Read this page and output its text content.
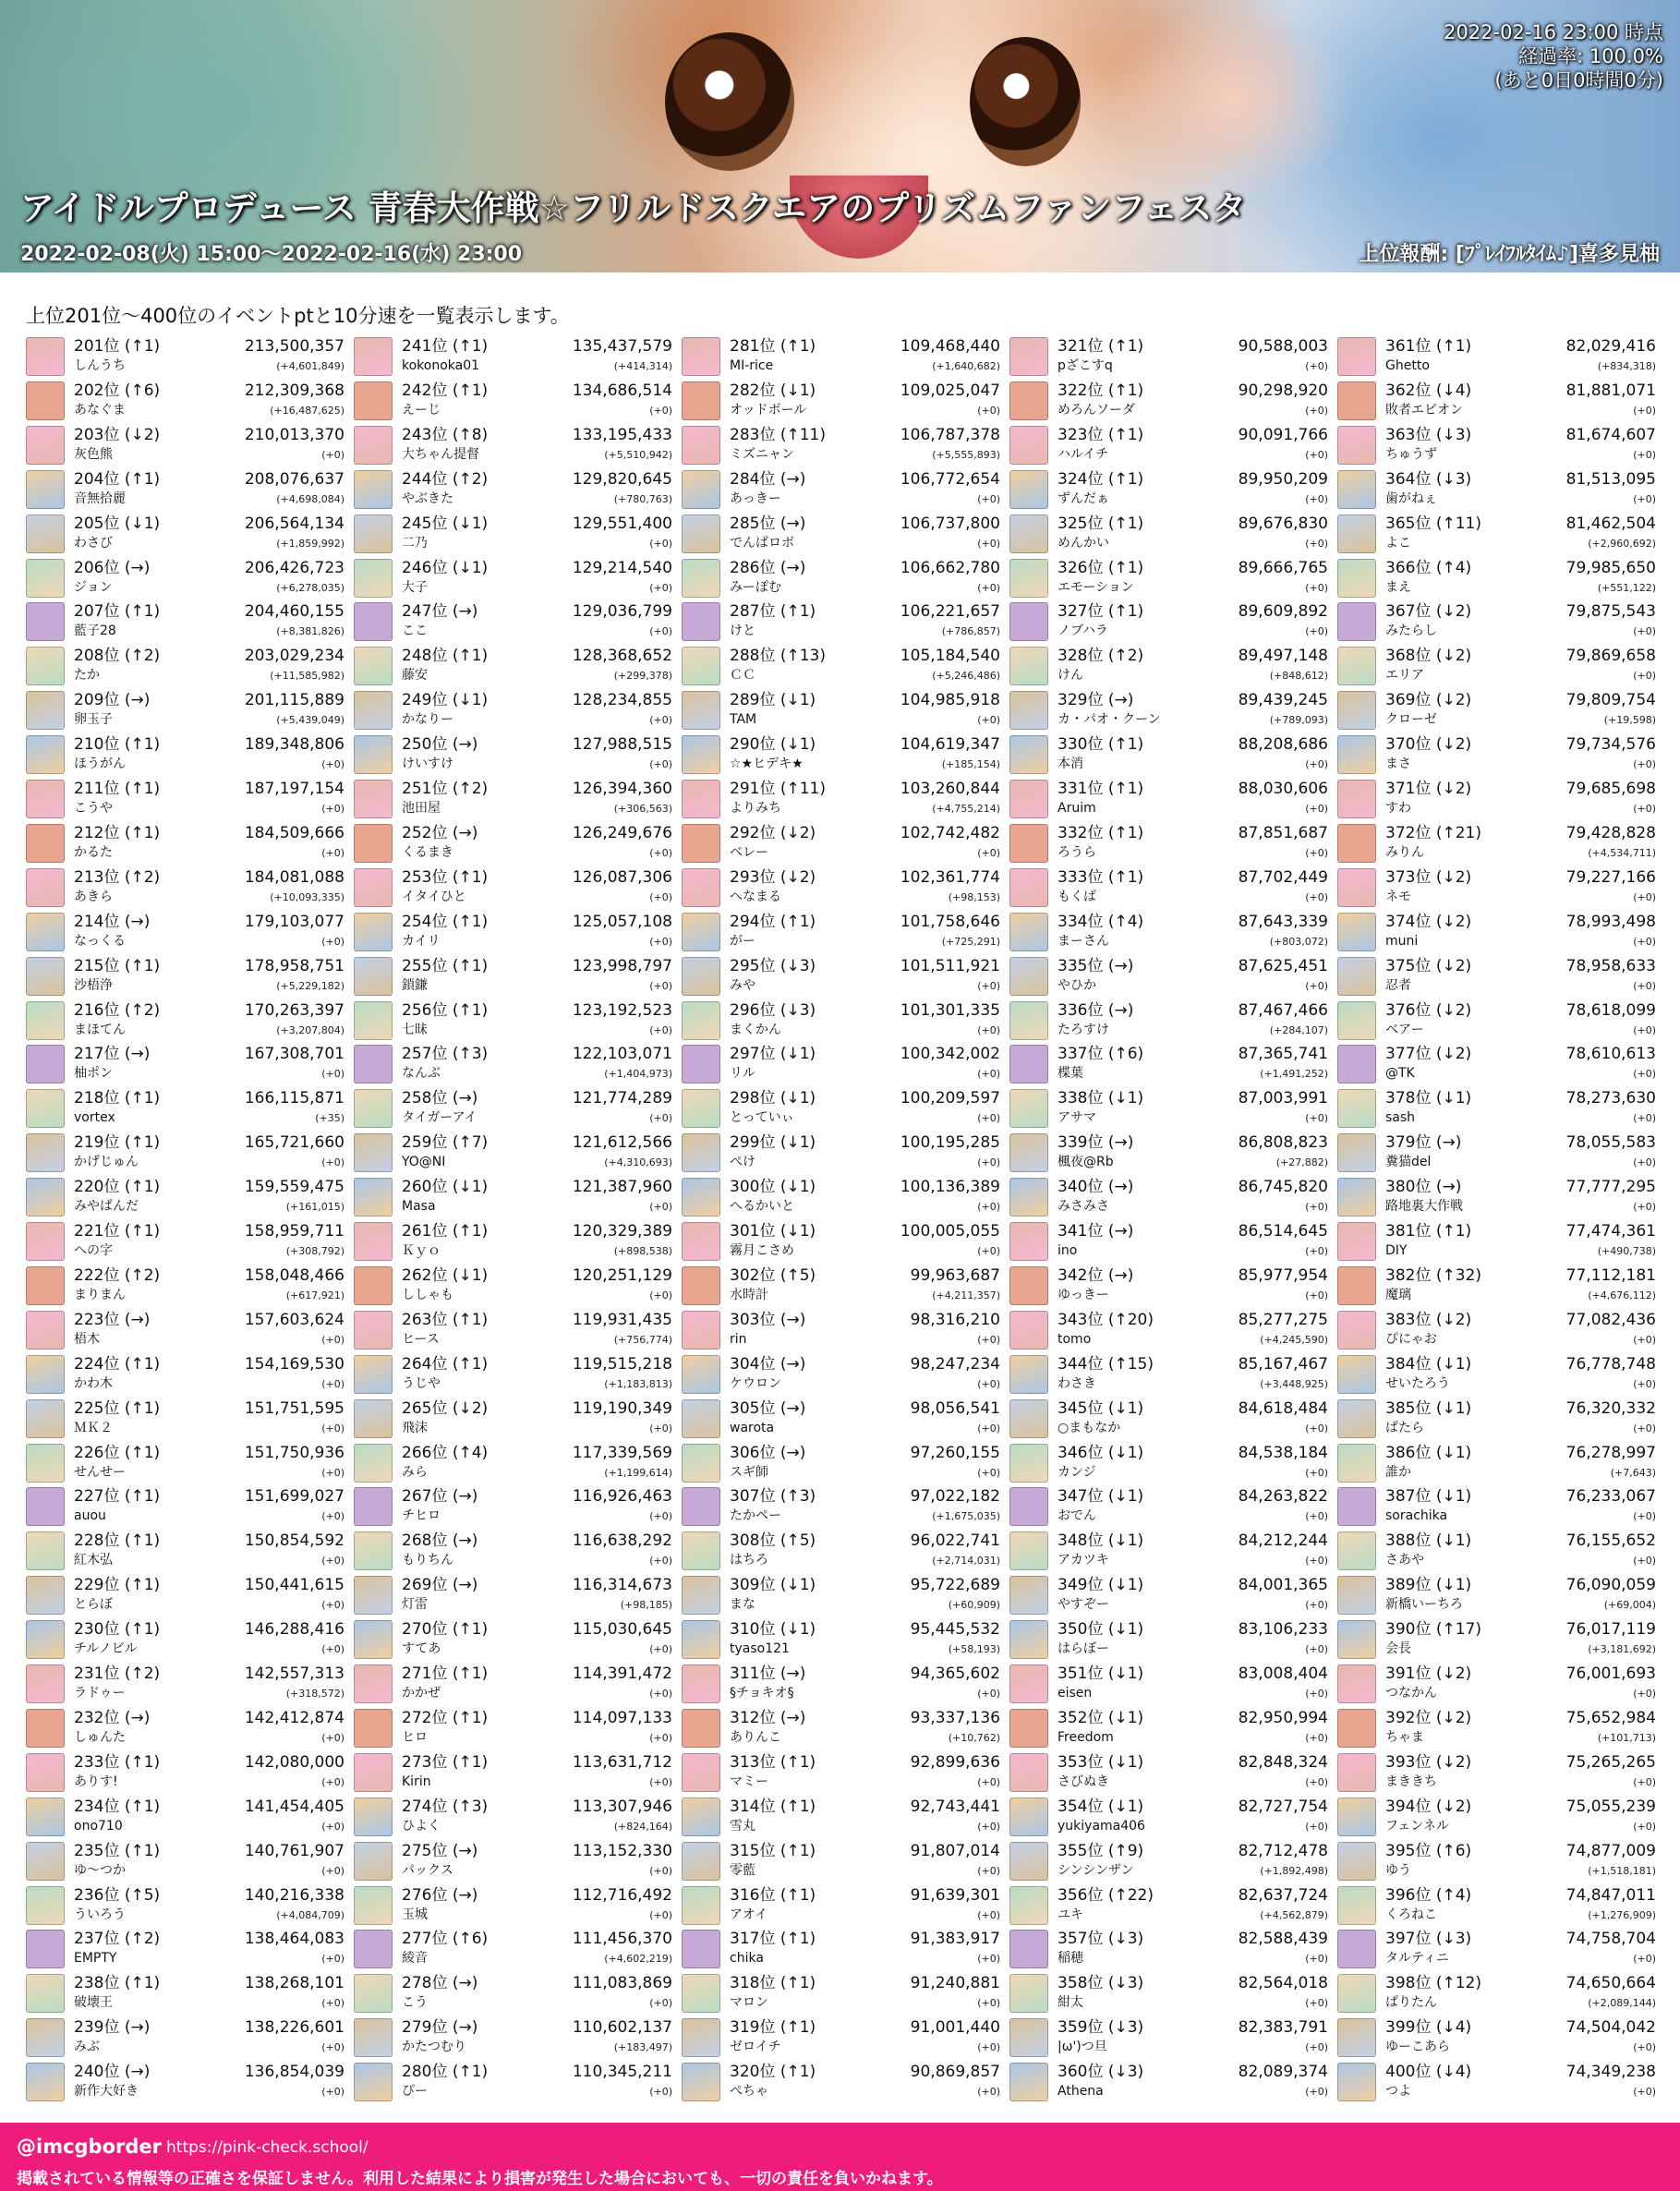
2022-02-16 23:00 時点
経過率: 100.0%
(あと0日0時間0分)
アイドルプロデュース 青春大作戦☆フリルドスクエアのプリズムファンフェスタ
2022-02-08(火) 15:00～2022-02-16(水) 23:00	上位報酬: [ﾌﾟﾚｲﾌﾙﾀｲﾑ♪]喜多見柚
上位201位～400位のイベントptと10分速を一覧表示します。
201位 (↑1)	213,500,357
しんうち	(+4,601,849)
202位 (↑6)	212,309,368
あなぐま	(+16,487,625)
203位 (↓2)	210,013,370
灰色熊	(+0)
204位 (↑1)	208,076,637
音無拾麗	(+4,698,084)
205位 (↓1)	206,564,134
わさび	(+1,859,992)
206位 (→)	206,426,723
ジョン	(+6,278,035)
207位 (↑1)	204,460,155
藍子28	(+8,381,826)
208位 (↑2)	203,029,234
たか	(+11,585,982)
209位 (→)	201,115,889
卵玉子	(+5,439,049)
210位 (↑1)	189,348,806
ほうがん	(+0)
211位 (↑1)	187,197,154
こうや	(+0)
212位 (↑1)	184,509,666
かるた	(+0)
213位 (↑2)	184,081,088
あきら	(+10,093,335)
214位 (→)	179,103,077
なっくる	(+0)
215位 (↑1)	178,958,751
沙梧浄	(+5,229,182)
216位 (↑2)	170,263,397
まほてん	(+3,207,804)
217位 (→)	167,308,701
柚ポン	(+0)
218位 (↑1)	166,115,871
vortex	(+35)
219位 (↑1)	165,721,660
かげじゅん	(+0)
220位 (↑1)	159,559,475
みやぱんだ	(+161,015)
221位 (↑1)	158,959,711
への字	(+308,792)
222位 (↑2)	158,048,466
まりまん	(+617,921)
223位 (→)	157,603,624
梧木	(+0)
224位 (↑1)	154,169,530
かわ木	(+0)
225位 (↑1)	151,751,595
ＭＫ２	(+0)
226位 (↑1)	151,750,936
せんせー	(+0)
227位 (↑1)	151,699,027
auou	(+0)
228位 (↑1)	150,854,592
紅木弘	(+0)
229位 (↑1)	150,441,615
とらぼ	(+0)
230位 (↑1)	146,288,416
チルノビル	(+0)
231位 (↑2)	142,557,313
ラドゥー	(+318,572)
232位 (→)	142,412,874
しゅんた	(+0)
233位 (↑1)	142,080,000
ありす!	(+0)
234位 (↑1)	141,454,405
ono710	(+0)
235位 (↑1)	140,761,907
ゆ～つか	(+0)
236位 (↑5)	140,216,338
ういろう	(+4,084,709)
237位 (↑2)	138,464,083
EMPTY	(+0)
238位 (↑1)	138,268,101
破壊王	(+0)
239位 (→)	138,226,601
みぶ	(+0)
240位 (→)	136,854,039
新作大好き	(+0)
241位 (↑1)	135,437,579
kokonoka01	(+414,314)
242位 (↑1)	134,686,514
えーじ	(+0)
243位 (↑8)	133,195,433
大ちゃん提督	(+5,510,942)
244位 (↑2)	129,820,645
やぶきた	(+780,763)
245位 (↓1)	129,551,400
二乃	(+0)
246位 (↓1)	129,214,540
大子	(+0)
247位 (→)	129,036,799
ここ	(+0)
248位 (↑1)	128,368,652
藤安	(+299,378)
249位 (↓1)	128,234,855
かなりー	(+0)
250位 (→)	127,988,515
けいすけ	(+0)
251位 (↑2)	126,394,360
池田屋	(+306,563)
252位 (→)	126,249,676
くるまき	(+0)
253位 (↑1)	126,087,306
イタイひと	(+0)
254位 (↑1)	125,057,108
カイリ	(+0)
255位 (↑1)	123,998,797
鎖鎌	(+0)
256位 (↑1)	123,192,523
七昧	(+0)
257位 (↑3)	122,103,071
なんぶ	(+1,404,973)
258位 (→)	121,774,289
タイガーアイ	(+0)
259位 (↑7)	121,612,566
YO@NI	(+4,310,693)
260位 (↓1)	121,387,960
Masa	(+0)
261位 (↑1)	120,329,389
Ｋｙｏ	(+898,538)
262位 (↓1)	120,251,129
ししゃも	(+0)
263位 (↑1)	119,931,435
ヒース	(+756,774)
264位 (↑1)	119,515,218
うじや	(+1,183,813)
265位 (↓2)	119,190,349
飛沫	(+0)
266位 (↑4)	117,339,569
みら	(+1,199,614)
267位 (→)	116,926,463
チヒロ	(+0)
268位 (→)	116,638,292
もりちん	(+0)
269位 (→)	116,314,673
灯雷	(+98,185)
270位 (↑1)	115,030,645
すてあ	(+0)
271位 (↑1)	114,391,472
かかぜ	(+0)
272位 (↑1)	114,097,133
ヒロ	(+0)
273位 (↑1)	113,631,712
Kirin	(+0)
274位 (↑3)	113,307,946
ひよく	(+824,164)
275位 (→)	113,152,330
パックス	(+0)
276位 (→)	112,716,492
玉城	(+0)
277位 (↑6)	111,456,370
綾音	(+4,602,219)
278位 (→)	111,083,869
こう	(+0)
279位 (→)	110,602,137
かたつむり	(+183,497)
280位 (↑1)	110,345,211
ぴー	(+0)
281位 (↑1)	109,468,440
MI-rice	(+1,640,682)
282位 (↓1)	109,025,047
オッドボール	(+0)
283位 (↑11)	106,787,378
ミズニャン	(+5,555,893)
284位 (→)	106,772,654
あっきー	(+0)
285位 (→)	106,737,800
でんぱロボ	(+0)
286位 (→)	106,662,780
みーぽむ	(+0)
287位 (↑1)	106,221,657
けと	(+786,857)
288位 (↑13)	105,184,540
ＣＣ	(+5,246,486)
289位 (↓1)	104,985,918
TAM	(+0)
290位 (↓1)	104,619,347
☆★ヒデキ★	(+185,154)
291位 (↑11)	103,260,844
よりみち	(+4,755,214)
292位 (↓2)	102,742,482
ベレー	(+0)
293位 (↓2)	102,361,774
へなまる	(+98,153)
294位 (↑1)	101,758,646
がー	(+725,291)
295位 (↓3)	101,511,921
みや	(+0)
296位 (↓3)	101,301,335
まくかん	(+0)
297位 (↓1)	100,342,002
リル	(+0)
298位 (↓1)	100,209,597
とっていぃ	(+0)
299位 (↓1)	100,195,285
ぺけ	(+0)
300位 (↓1)	100,136,389
へるかいと	(+0)
301位 (↓1)	100,005,055
霧月こさめ	(+0)
302位 (↑5)	99,963,687
水時計	(+4,211,357)
303位 (→)	98,316,210
rin	(+0)
304位 (→)	98,247,234
ケウロン	(+0)
305位 (→)	98,056,541
warota	(+0)
306位 (→)	97,260,155
スギ師	(+0)
307位 (↑3)	97,022,182
たかペー	(+1,675,035)
308位 (↑5)	96,022,741
はちろ	(+2,714,031)
309位 (↓1)	95,722,689
まな	(+60,909)
310位 (↓1)	95,445,532
tyaso121	(+58,193)
311位 (→)	94,365,602
§チョキオ§	(+0)
312位 (→)	93,337,136
ありんこ	(+10,762)
313位 (↑1)	92,899,636
マミー	(+0)
314位 (↑1)	92,743,441
雪丸	(+0)
315位 (↑1)	91,807,014
零藍	(+0)
316位 (↑1)	91,639,301
アオイ	(+0)
317位 (↑1)	91,383,917
chika	(+0)
318位 (↑1)	91,240,881
マロン	(+0)
319位 (↑1)	91,001,440
ゼロイチ	(+0)
320位 (↑1)	90,869,857
ぺちゃ	(+0)
321位 (↑1)	90,588,003
pざこすq	(+0)
322位 (↑1)	90,298,920
めろんソーダ	(+0)
323位 (↑1)	90,091,766
ハルイチ	(+0)
324位 (↑1)	89,950,209
ずんだぁ	(+0)
325位 (↑1)	89,676,830
めんかい	(+0)
326位 (↑1)	89,666,765
エモーション	(+0)
327位 (↑1)	89,609,892
ノブハラ	(+0)
328位 (↑2)	89,497,148
けん	(+848,612)
329位 (→)	89,439,245
カ・パオ・クーン	(+789,093)
330位 (↑1)	88,208,686
本消	(+0)
331位 (↑1)	88,030,606
Aruim	(+0)
332位 (↑1)	87,851,687
ろうら	(+0)
333位 (↑1)	87,702,449
もくば	(+0)
334位 (↑4)	87,643,339
まーさん	(+803,072)
335位 (→)	87,625,451
やひか	(+0)
336位 (→)	87,467,466
たろすけ	(+284,107)
337位 (↑6)	87,365,741
楪葉	(+1,491,252)
338位 (↓1)	87,003,991
アサマ	(+0)
339位 (→)	86,808,823
楓夜@Rb	(+27,882)
340位 (→)	86,745,820
みさみさ	(+0)
341位 (→)	86,514,645
ino	(+0)
342位 (→)	85,977,954
ゆっきー	(+0)
343位 (↑20)	85,277,275
tomo	(+4,245,590)
344位 (↑15)	85,167,467
わさき	(+3,448,925)
345位 (↓1)	84,618,484
○まもなか	(+0)
346位 (↓1)	84,538,184
カンジ	(+0)
347位 (↓1)	84,263,822
おでん	(+0)
348位 (↓1)	84,212,244
アカツキ	(+0)
349位 (↓1)	84,001,365
やすぞー	(+0)
350位 (↓1)	83,106,233
はらぼー	(+0)
351位 (↓1)	83,008,404
eisen	(+0)
352位 (↓1)	82,950,994
Freedom	(+0)
353位 (↓1)	82,848,324
さびぬき	(+0)
354位 (↓1)	82,727,754
yukiyama406	(+0)
355位 (↑9)	82,712,478
シンシンザン	(+1,892,498)
356位 (↑22)	82,637,724
ユキ	(+4,562,879)
357位 (↓3)	82,588,439
稲穂	(+0)
358位 (↓3)	82,564,018
紺太	(+0)
359位 (↓3)	82,383,791
|ω')つ旦	(+0)
360位 (↓3)	82,089,374
Athena	(+0)
361位 (↑1)	82,029,416
Ghetto	(+834,318)
362位 (↓4)	81,881,071
敗者エピオン	(+0)
363位 (↓3)	81,674,607
ちゅうず	(+0)
364位 (↓3)	81,513,095
歯がねぇ	(+0)
365位 (↑11)	81,462,504
よこ	(+2,960,692)
366位 (↑4)	79,985,650
まえ	(+551,122)
367位 (↓2)	79,875,543
みたらし	(+0)
368位 (↓2)	79,869,658
エリア	(+0)
369位 (↓2)	79,809,754
クローゼ	(+19,598)
370位 (↓2)	79,734,576
まさ	(+0)
371位 (↓2)	79,685,698
すわ	(+0)
372位 (↑21)	79,428,828
みりん	(+4,534,711)
373位 (↓2)	79,227,166
ネモ	(+0)
374位 (↓2)	78,993,498
muni	(+0)
375位 (↓2)	78,958,633
忍者	(+0)
376位 (↓2)	78,618,099
ベアー	(+0)
377位 (↓2)	78,610,613
@TK	(+0)
378位 (↓1)	78,273,630
sash	(+0)
379位 (→)	78,055,583
糞猫del	(+0)
380位 (→)	77,777,295
路地裏大作戦	(+0)
381位 (↑1)	77,474,361
DIY	(+490,738)
382位 (↑32)	77,112,181
魔璃	(+4,676,112)
383位 (↓2)	77,082,436
ぴにゃお	(+0)
384位 (↓1)	76,778,748
せいたろう	(+0)
385位 (↓1)	76,320,332
ぱたら	(+0)
386位 (↓1)	76,278,997
誰か	(+7,643)
387位 (↓1)	76,233,067
sorachika	(+0)
388位 (↓1)	76,155,652
さあや	(+0)
389位 (↓1)	76,090,059
新橋いーちろ	(+69,004)
390位 (↑17)	76,017,119
会長	(+3,181,692)
391位 (↓2)	76,001,693
つなかん	(+0)
392位 (↓2)	75,652,984
ちゃま	(+101,713)
393位 (↓2)	75,265,265
まききち	(+0)
394位 (↓2)	75,055,239
フェンネル	(+0)
395位 (↑6)	74,877,009
ゆう	(+1,518,181)
396位 (↑4)	74,847,011
くろねこ	(+1,276,909)
397位 (↓3)	74,758,704
タルティニ	(+0)
398位 (↑12)	74,650,664
ぱりたん	(+2,089,144)
399位 (↓4)	74,504,042
ゆーこあら	(+0)
400位 (↓4)	74,349,238
つよ	(+0)
@imcgborder https://pink-check.school/
掲載されている情報等の正確さを保証しません。利用した結果により損害が発生した場合においても、一切の責任を負いかねます。
